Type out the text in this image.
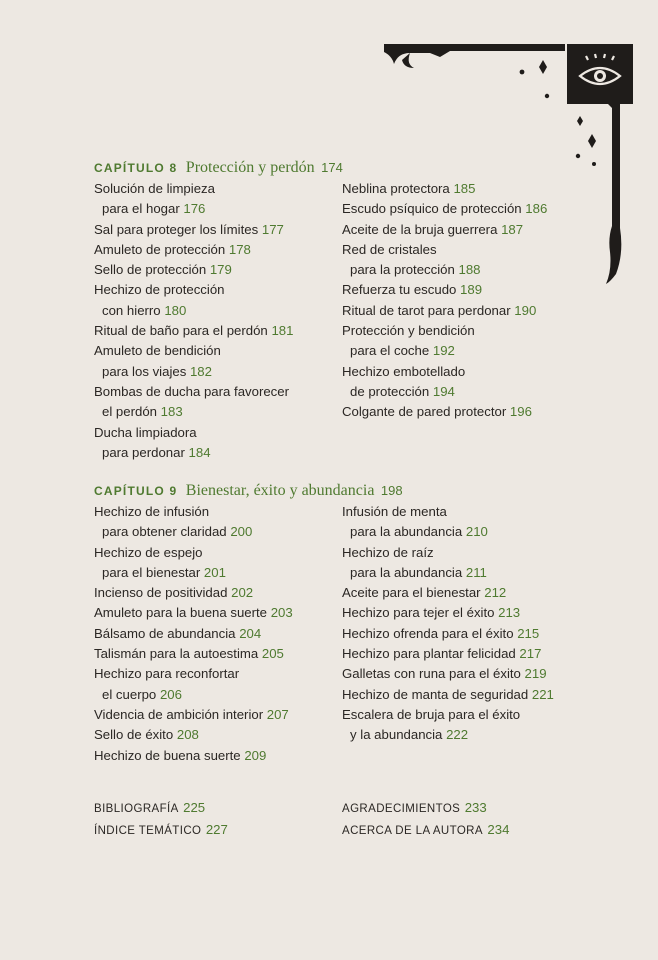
CAPÍTULO 8 Protección y perdón 174
Solución de limpieza
para el hogar 176
Sal para proteger los límites 177
Amuleto de protección 178
Sello de protección 179
Hechizo de protección
con hierro 180
Ritual de baño para el perdón 181
Amuleto de bendición
para los viajes 182
Bombas de ducha para favorecer
el perdón 183
Ducha limpiadora
para perdonar 184
Neblina protectora 185
Escudo psíquico de protección 186
Aceite de la bruja guerrera 187
Red de cristales
para la protección 188
Refuerza tu escudo 189
Ritual de tarot para perdonar 190
Protección y bendición
para el coche 192
Hechizo embotellado
de protección 194
Colgante de pared protector 196
CAPÍTULO 9 Bienestar, éxito y abundancia 198
Hechizo de infusión
para obtener claridad 200
Hechizo de espejo
para el bienestar 201
Incienso de positividad 202
Amuleto para la buena suerte 203
Bálsamo de abundancia 204
Talismán para la autoestima 205
Hechizo para reconfortar
el cuerpo 206
Videncia de ambición interior 207
Sello de éxito 208
Hechizo de buena suerte 209
Infusión de menta
para la abundancia 210
Hechizo de raíz
para la abundancia 211
Aceite para el bienestar 212
Hechizo para tejer el éxito 213
Hechizo ofrenda para el éxito 215
Hechizo para plantar felicidad 217
Galletas con runa para el éxito 219
Hechizo de manta de seguridad 221
Escalera de bruja para el éxito
y la abundancia 222
BIBLIOGRAFÍA 225	AGRADECIMIENTOS 233
ÍNDICE TEMÁTICO 227	ACERCA DE LA AUTORA 234
